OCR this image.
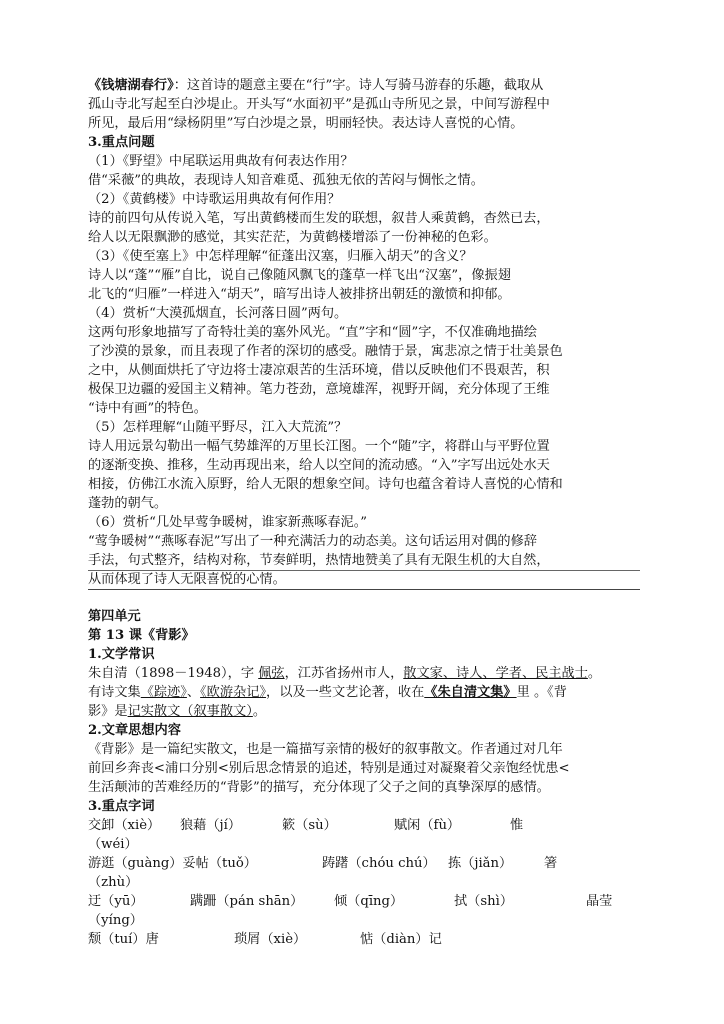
《钱塘湖春行》：这首诗的题意主要在“行”字。诗人写骑马游春的乐趣，截取从
孤山寺北写起至白沙堤止。开头写“水面初平”是孤山寺所见之景，中间写游程中
所见，最后用“绿杨阴里”写白沙堤之景，明丽轻快。表达诗人喜悦的心情。
3.重点问题
（1）《野望》中尾联运用典故有何表达作用？
借“采薇”的典故，表现诗人知音难觅、孤独无依的苦闷与惆怅之情。
（2）《黄鹤楼》中诗歌运用典故有何作用？
诗的前四句从传说入笔，写出黄鹤楼而生发的联想，叙昔人乘黄鹤，杳然已去，
给人以无限飘渺的感觉，其实茫茫，为黄鹤楼增添了一份神秘的色彩。
（3）《使至塞上》中怎样理解“征蓬出汉塞，归雁入胡天”的含义？
诗人以“蓬”“雁”自比，说自己像随风飘飞的蓬草一样飞出“汉塞”，像振翅
北飞的“归雁”一样进入“胡天”，暗写出诗人被排挤出朝廷的激愤和抑郁。
（4）赏析“大漠孤烟直，长河落日圆”两句。
这两句形象地描写了奇特壮美的塞外风光。“直”字和“圆”字，不仅准确地描绘
了沙漠的景象，而且表现了作者的深切的感受。融情于景，寓悲凉之情于壮美景色
之中，从侧面烘托了守边将士凄凉艰苦的生活环境，借以反映他们不畏艰苦，积
极保卫边疆的爱国主义精神。笔力苍劲，意境雄浑，视野开阔，充分体现了王维
“诗中有画”的特色。
（5）怎样理解“山随平野尽，江入大荒流”？
诗人用远景勾勒出一幅气势雄浑的万里长江图。一个“随”字，将群山与平野位置
的逐渐变换、推移，生动再现出来，给人以空间的流动感。“入”字写出远处水天
相接，仿佛江水流入原野，给人无限的想象空间。诗句也蕴含着诗人喜悦的心情和
蓬勃的朝气。
（6）赏析“几处早莺争暖树，谁家新燕啄春泥。”
“莺争暖树”“燕啄春泥”写出了一种充满活力的动态美。这句话运用对偶的修辞
手法，句式整齐，结构对称，节奏鲜明，热情地赞美了具有无限生机的大自然，
从而体现了诗人无限喜悦的心情。
第四单元
第 13 课《背影》
1.文学常识
朱自清（1898－1948），字 佩弦，江苏省扬州市人，散文家、诗人、学者、民主战士。
有诗文集《踪迹》、《欧游杂记》，以及一些文艺论著，收在《朱自清文集》里 。《背
影》是记实散文（叙事散文）。
2.文章思想内容
《背影》是一篇纪实散文，也是一篇描写亲情的极好的叙事散文。作者通过对几年
前回乡奔丧<浦口分别<别后思念情景的追述，特别是通过对凝聚着父亲饱经忧患<
生活颠沛的苦难经历的“背影”的描写，充分体现了父子之间的真挚深厚的感情。
3.重点字词
交卸（xiè） 狼藉（jí）	簌（sù）	赋闲（fù）	惟
（wéi）
游逛（guàng）妥帖（tuǒ）	踌躇（chóu chú） 拣（jiǎn） 箸
（zhù）
迂（yū）	蹒跚（pán shān） 倾（qīng）	拭（shì）	晶莹
（yíng）
颓（tuí）唐	琐屑（xiè）	惦（diàn）记
